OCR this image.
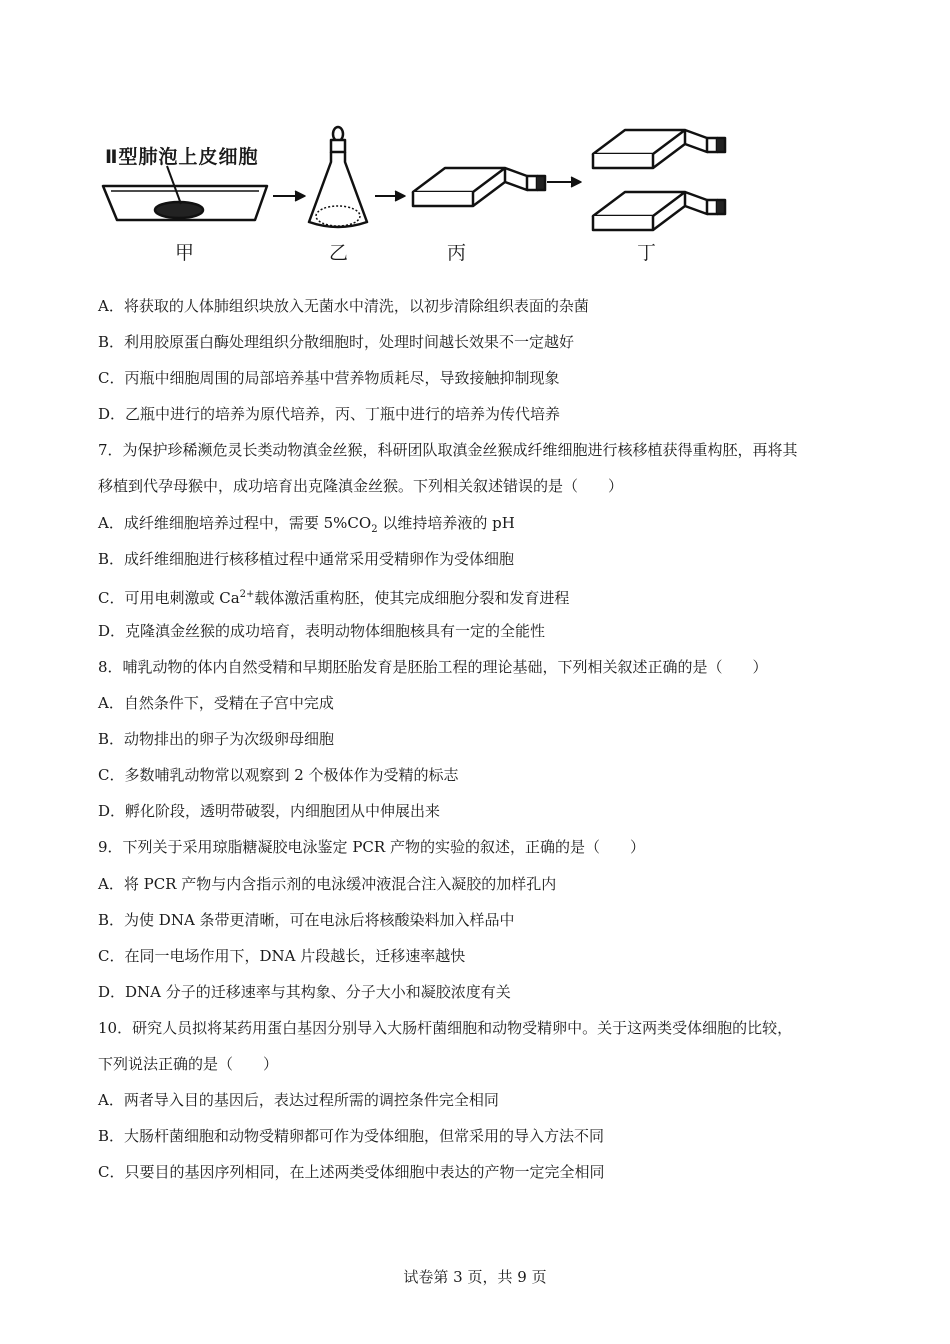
Ⅱ型肺泡上皮细胞
甲	乙	丙	丁
A．将获取的人体肺组织块放入无菌水中清洗，以初步清除组织表面的杂菌
B．利用胶原蛋白酶处理组织分散细胞时，处理时间越长效果不一定越好
C．丙瓶中细胞周围的局部培养基中营养物质耗尽，导致接触抑制现象
D．乙瓶中进行的培养为原代培养，丙、丁瓶中进行的培养为传代培养
7．为保护珍稀濒危灵长类动物滇金丝猴，科研团队取滇金丝猴成纤维细胞进行核移植获得重构胚，再将其
移植到代孕母猴中，成功培育出克隆滇金丝猴。下列相关叙述错误的是（　　）
A．成纤维细胞培养过程中，需要 $5\%CO_2$ 以维持培养液的 pH
B．成纤维细胞进行核移植过程中通常采用受精卵作为受体细胞
C．可用电刺激或 $Ca^{2+}$载体激活重构胚，使其完成细胞分裂和发育进程
D．克隆滇金丝猴的成功培育，表明动物体细胞核具有一定的全能性
8．哺乳动物的体内自然受精和早期胚胎发育是胚胎工程的理论基础，下列相关叙述正确的是（　　）
A．自然条件下，受精在子宫中完成
B．动物排出的卵子为次级卵母细胞
C．多数哺乳动物常以观察到 2 个极体作为受精的标志
D．孵化阶段，透明带破裂，内细胞团从中伸展出来
9．下列关于采用琼脂糖凝胶电泳鉴定 PCR 产物的实验的叙述，正确的是（　　）
A．将 PCR 产物与内含指示剂的电泳缓冲液混合注入凝胶的加样孔内
B．为使 DNA 条带更清晰，可在电泳后将核酸染料加入样品中
C．在同一电场作用下，DNA 片段越长，迁移速率越快
D．DNA 分子的迁移速率与其构象、分子大小和凝胶浓度有关
10．研究人员拟将某药用蛋白基因分别导入大肠杆菌细胞和动物受精卵中。关于这两类受体细胞的比较，
下列说法正确的是（　　）
A．两者导入目的基因后，表达过程所需的调控条件完全相同
B．大肠杆菌细胞和动物受精卵都可作为受体细胞，但常采用的导入方法不同
C．只要目的基因序列相同，在上述两类受体细胞中表达的产物一定完全相同
试卷第 3 页，共 9 页
